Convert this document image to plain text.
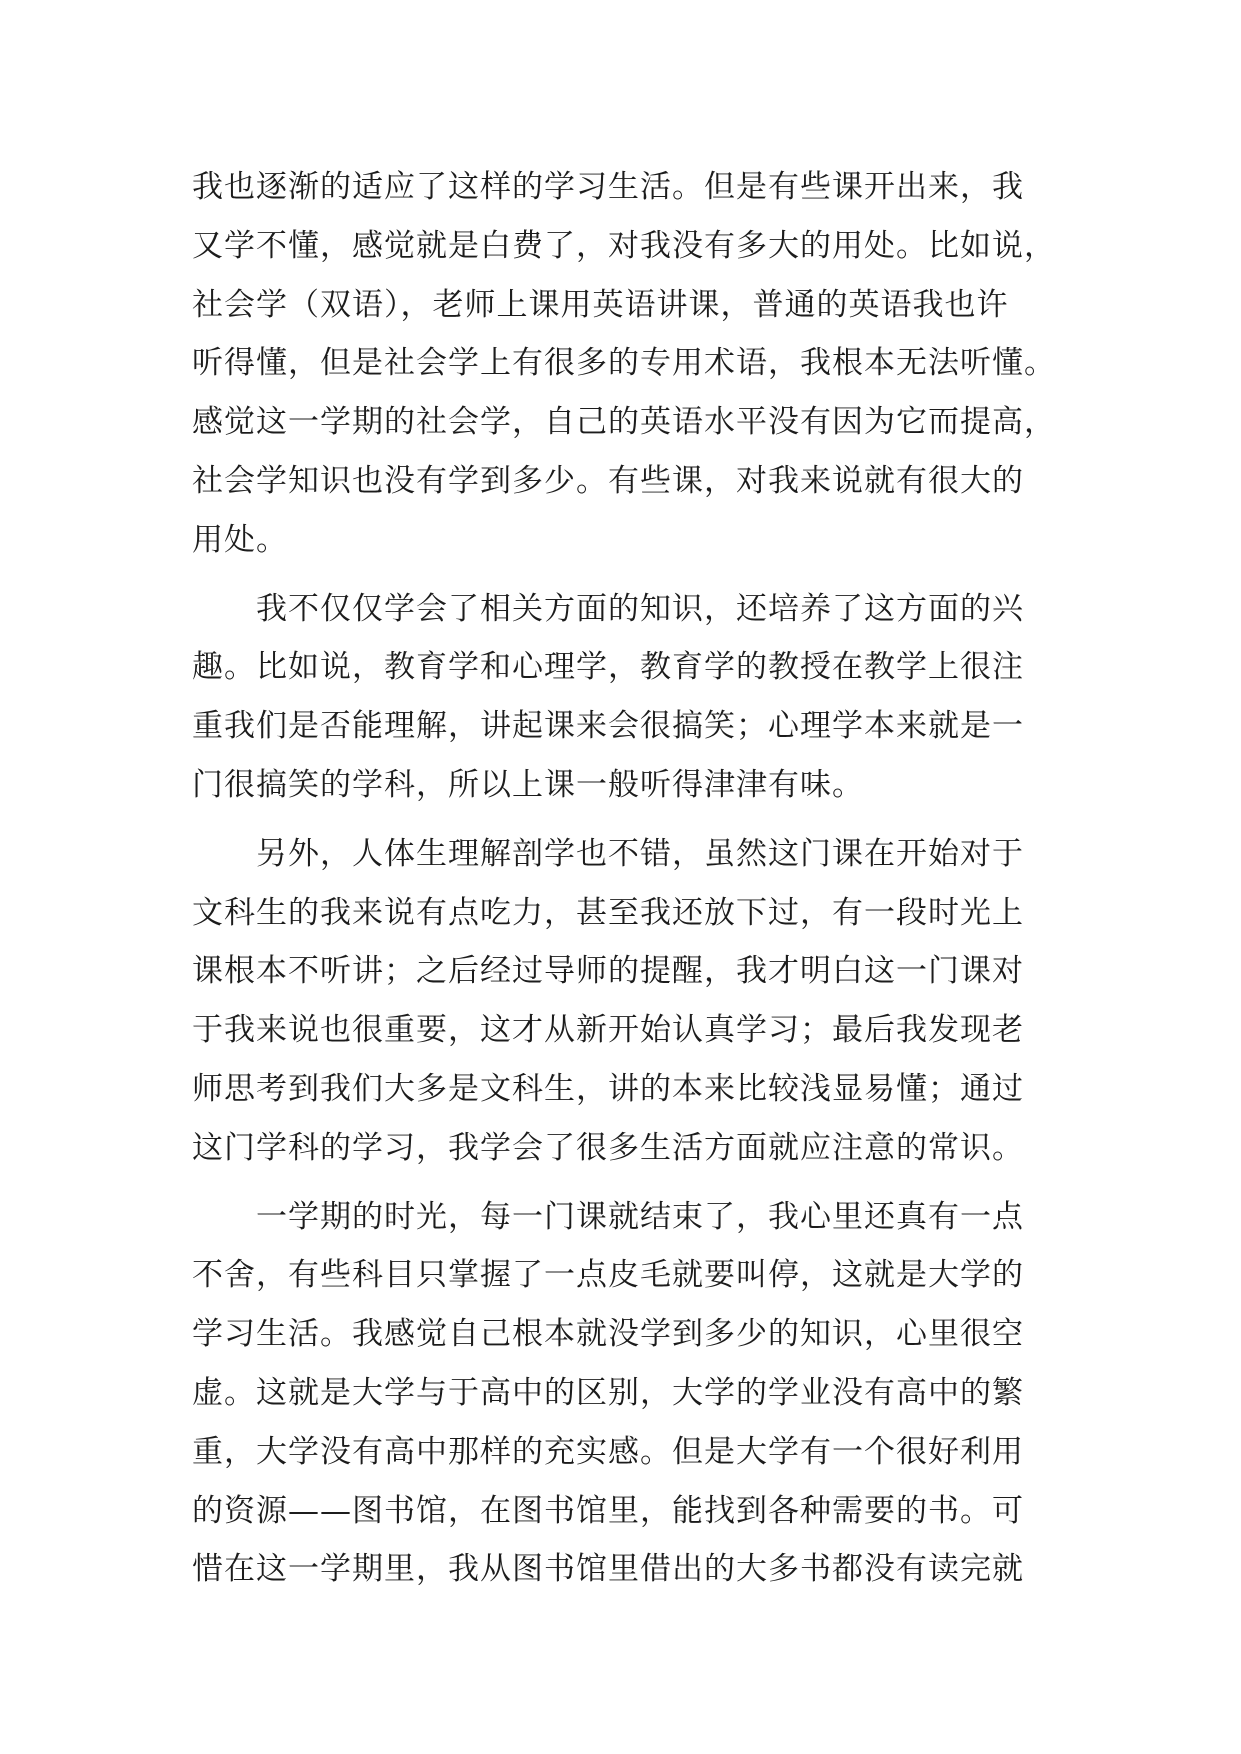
我也逐渐的适应了这样的学习生活。但是有些课开出来，我
又学不懂，感觉就是白费了，对我没有多大的用处。比如说，
社会学（双语），老师上课用英语讲课，普通的英语我也许
听得懂，但是社会学上有很多的专用术语，我根本无法听懂。
感觉这一学期的社会学，自己的英语水平没有因为它而提高，
社会学知识也没有学到多少。有些课，对我来说就有很大的
用处。
　　我不仅仅学会了相关方面的知识，还培养了这方面的兴
趣。比如说，教育学和心理学，教育学的教授在教学上很注
重我们是否能理解，讲起课来会很搞笑；心理学本来就是一
门很搞笑的学科，所以上课一般听得津津有味。
　　另外，人体生理解剖学也不错，虽然这门课在开始对于
文科生的我来说有点吃力，甚至我还放下过，有一段时光上
课根本不听讲；之后经过导师的提醒，我才明白这一门课对
于我来说也很重要，这才从新开始认真学习；最后我发现老
师思考到我们大多是文科生，讲的本来比较浅显易懂；通过
这门学科的学习，我学会了很多生活方面就应注意的常识。
　　一学期的时光，每一门课就结束了，我心里还真有一点
不舍，有些科目只掌握了一点皮毛就要叫停，这就是大学的
学习生活。我感觉自己根本就没学到多少的知识，心里很空
虚。这就是大学与于高中的区别，大学的学业没有高中的繁
重，大学没有高中那样的充实感。但是大学有一个很好利用
的资源——图书馆，在图书馆里，能找到各种需要的书。可
惜在这一学期里，我从图书馆里借出的大多书都没有读完就
